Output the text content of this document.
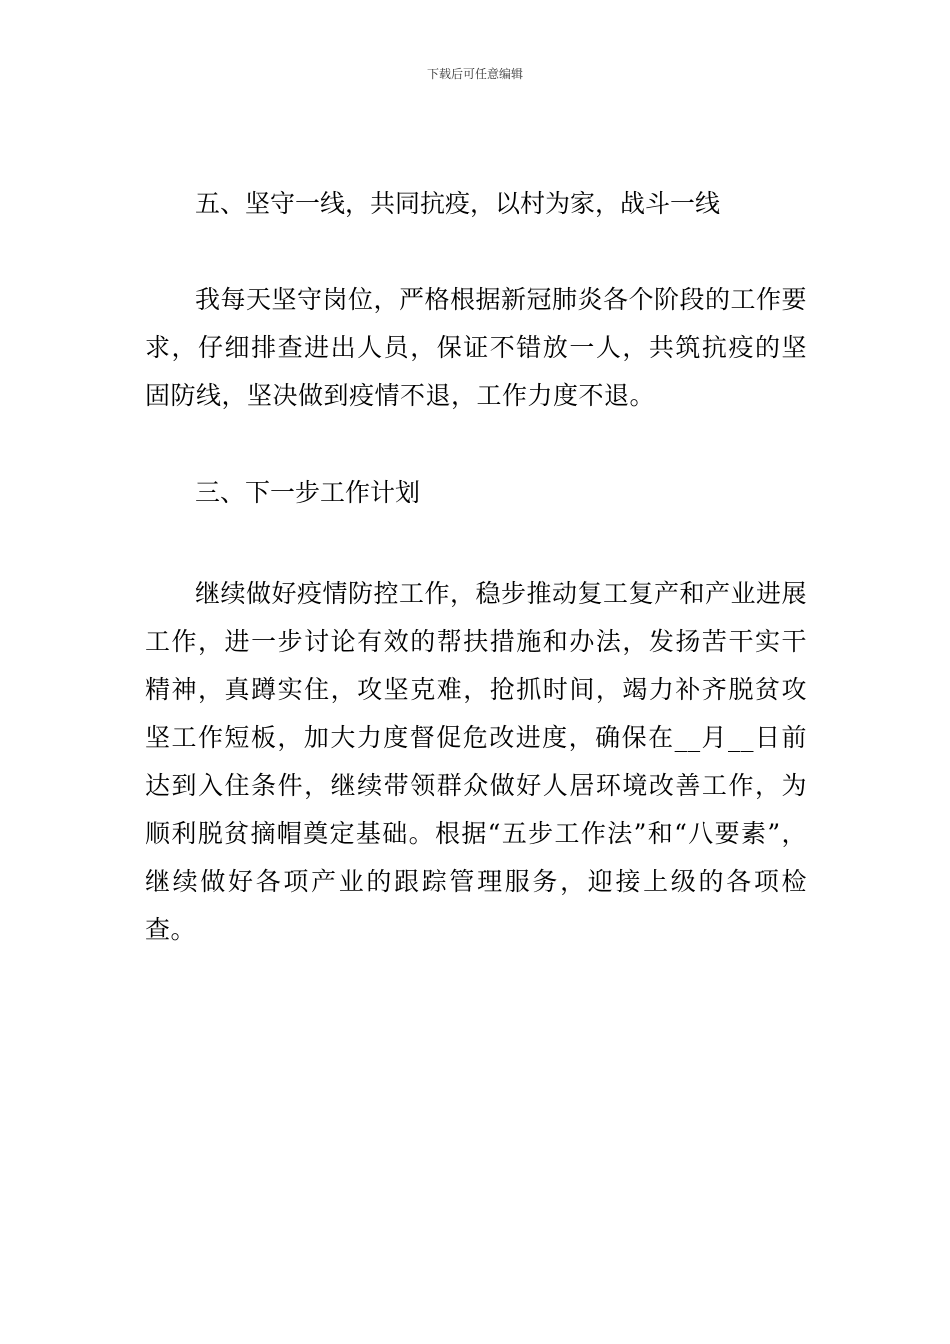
下载后可任意编辑
五、坚守一线，共同抗疫，以村为家，战斗一线

我每天坚守岗位，严格根据新冠肺炎各个阶段的工作要求，仔细排查进出人员，保证不错放一人，共筑抗疫的坚固防线，坚决做到疫情不退，工作力度不退。

三、下一步工作计划

继续做好疫情防控工作，稳步推动复工复产和产业进展工作，进一步讨论有效的帮扶措施和办法，发扬苦干实干精神，真蹲实住，攻坚克难，抢抓时间，竭力补齐脱贫攻坚工作短板，加大力度督促危改进度，确保在__月__日前达到入住条件，继续带领群众做好人居环境改善工作，为顺利脱贫摘帽奠定基础。根据“五步工作法”和“八要素”，继续做好各项产业的跟踪管理服务，迎接上级的各项检查。
